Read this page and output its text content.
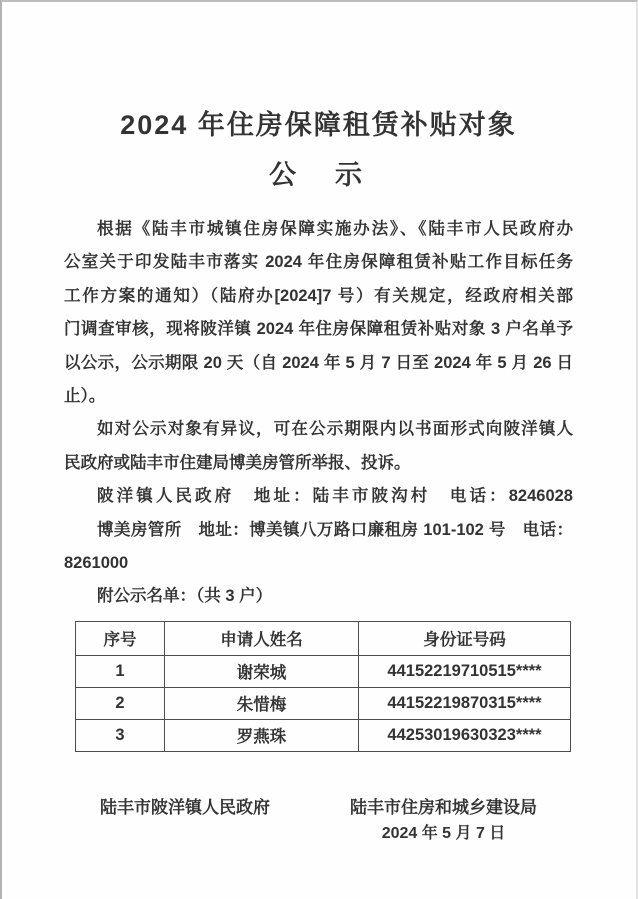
2024 年住房保障租赁补贴对象
公　示
根据《陆丰市城镇住房保障实施办法》、《陆丰市人民政府办
公室关于印发陆丰市落实 2024 年住房保障租赁补贴工作目标任务
工作方案的通知）（陆府办[2024]7 号）有关规定，经政府相关部
门调查审核，现将陂洋镇 2024 年住房保障租赁补贴对象 3 户名单予
以公示，公示期限 20 天（自 2024 年 5 月 7 日至 2024 年 5 月 26 日
止）。
如对公示对象有异议，可在公示期限内以书面形式向陂洋镇人
民政府或陆丰市住建局博美房管所举报、投诉。
陂洋镇人民政府　地址：陆丰市陂沟村　电话：8246028
博美房管所　地址：博美镇八万路口廉租房 101-102 号　电话：
8261000
附公示名单：（共 3 户）
序号	申请人姓名	身份证号码
1	谢荣城	44152219710515****
2	朱惜梅	44152219870315****
3	罗燕珠	44253019630323****
陆丰市陂洋镇人民政府	陆丰市住房和城乡建设局
2024 年 5 月 7 日
